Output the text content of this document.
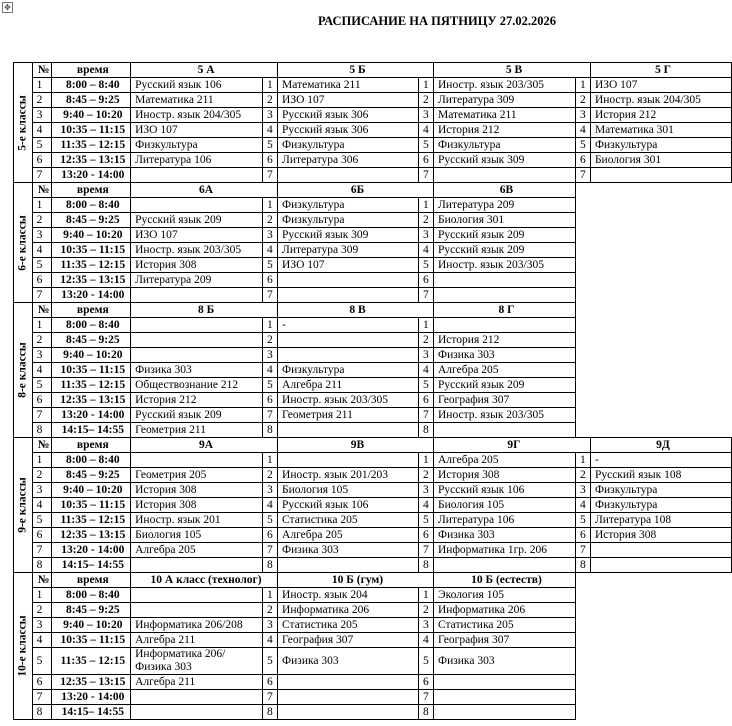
✥
РАСПИСАНИЕ НА ПЯТНИЦУ 27.02.2026
5-е классы	№	время	5 А		5 Б		5 В		5 Г
	1	8:00 – 8:40	Русский язык 106	1	Математика 211	1	Иностр. язык 203/305	1	ИЗО 107
	2	8:45 – 9:25	Математика 211	2	ИЗО 107	2	Литература 309	2	Иностр. язык 204/305
	3	9:40 – 10:20	Иностр. язык 204/305	3	Русский язык 306	3	Математика 211	3	История 212
	4	10:35 – 11:15	ИЗО 107	4	Русский язык 306	4	История 212	4	Математика 301
	5	11:35 – 12:15	Физкультура	5	Физкультура	5	Физкультура	5	Физкультура
	6	12:35 – 13:15	Литература 106	6	Литература 306	6	Русский язык 309	6	Биология 301
	7	13:20 - 14:00		7		7		7	

6-е классы	№	время	6А		6Б		6В		
	1	8:00 – 8:40		1	Физкультура	1	Литература 209		
	2	8:45 – 9:25	Русский язык 209	2	Физкультура	2	Биология 301		
	3	9:40 – 10:20	ИЗО 107	3	Русский язык 309	3	Русский язык 209		
	4	10:35 – 11:15	Иностр. язык 203/305	4	Литература 309	4	Русский язык 209		
	5	11:35 – 12:15	История 308	5	ИЗО 107	5	Иностр. язык 203/305		
	6	12:35 – 13:15	Литература 209	6		6			
	7	13:20 - 14:00		7		7			

8-е классы	№	время	8 Б		8 В		8 Г		
	1	8:00 – 8:40		1	-	1			
	2	8:45 – 9:25		2		2	История 212		
	3	9:40 – 10:20		3		3	Физика 303		
	4	10:35 – 11:15	Физика 303	4	Физкультура	4	Алгебра 205		
	5	11:35 – 12:15	Обществознание 212	5	Алгебра 211	5	Русский язык 209		
	6	12:35 – 13:15	История 212	6	Иностр. язык 203/305	6	География 307		
	7	13:20 - 14:00	Русский язык 209	7	Геометрия 211	7	Иностр. язык 203/305		
	8	14:15– 14:55	Геометрия 211	8		8			

9-е классы	№	время	9А		9В		9Г		9Д
	1	8:00 – 8:40		1		1	Алгебра 205	1	-
	2	8:45 – 9:25	Геометрия 205	2	Иностр. язык 201/203	2	История 308	2	Русский язык 108
	3	9:40 – 10:20	История 308	3	Биология 105	3	Русский язык 106	3	Физкультура
	4	10:35 – 11:15	История 308	4	Русский язык 106	4	Биология 105	4	Физкультура
	5	11:35 – 12:15	Иностр. язык 201	5	Статистика 205	5	Литература 106	5	Литература 108
	6	12:35 – 13:15	Биология 105	6	Алгебра 205	6	Физика 303	6	История 308
	7	13:20 - 14:00	Алгебра 205	7	Физика 303	7	Информатика 1гр. 206	7	
	8	14:15– 14:55		8		8		8	

10-е классы	№	время	10 А класс (технолог)		10 Б (гум)		10 Б (естеств)		
	1	8:00 – 8:40		1	Иностр. язык 204	1	Экология 105		
	2	8:45 – 9:25		2	Информатика 206	2	Информатика 206		
	3	9:40 – 10:20	Информатика 206/208	3	Статистика 205	3	Статистика 205		
	4	10:35 – 11:15	Алгебра 211	4	География 307	4	География 307		
	5	11:35 – 12:15	Информатика 206/ Физика 303	5	Физика 303	5	Физика 303		
	6	12:35 – 13:15	Алгебра 211	6		6			
	7	13:20 - 14:00		7		7			
	8	14:15– 14:55		8		8			
